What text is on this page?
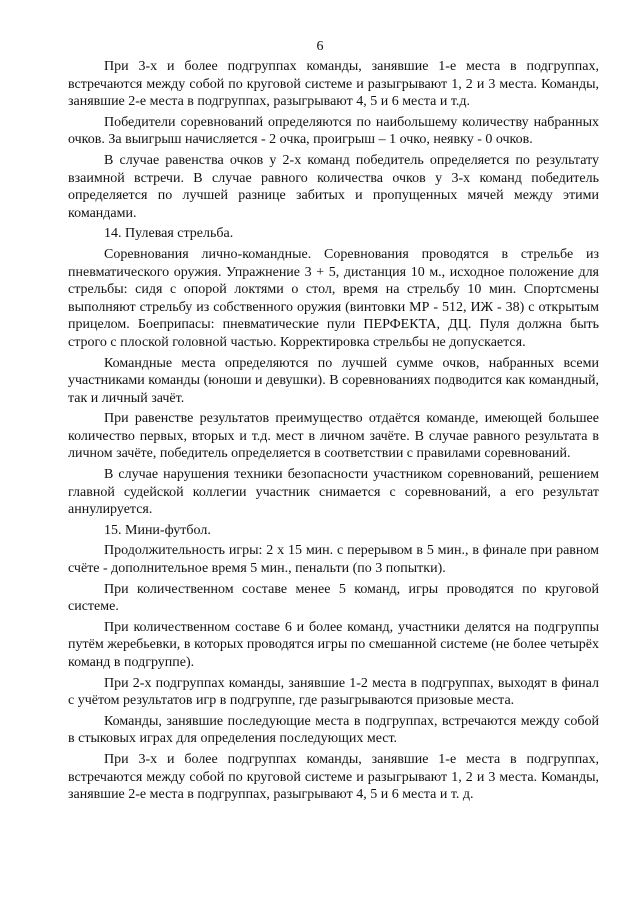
6

При 3-х и более подгруппах команды, занявшие 1-е места в подгруппах, встречаются между собой по круговой системе и разыгрывают 1, 2 и 3 места. Команды, занявшие 2-е места в подгруппах, разыгрывают 4, 5 и 6 места и т.д.

Победители соревнований определяются по наибольшему количеству набранных очков. За выигрыш начисляется - 2 очка, проигрыш – 1 очко, неявку - 0 очков.

В случае равенства очков у 2-х команд победитель определяется по результату взаимной встречи. В случае равного количества очков у 3-х команд победитель определяется по лучшей разнице забитых и пропущенных мячей между этими командами.

14. Пулевая стрельба.

Соревнования лично-командные. Соревнования проводятся в стрельбе из пневматического оружия. Упражнение 3 + 5, дистанция 10 м., исходное положение для стрельбы: сидя с опорой локтями о стол, время на стрельбу 10 мин. Спортсмены выполняют стрельбу из собственного оружия (винтовки МР - 512, ИЖ - 38) с открытым прицелом. Боеприпасы: пневматические пули ПЕРФЕКТА, ДЦ. Пуля должна быть строго с плоской головной частью. Корректировка стрельбы не допускается.

Командные места определяются по лучшей сумме очков, набранных всеми участниками команды (юноши и девушки). В соревнованиях подводится как командный, так и личный зачёт.

При равенстве результатов преимущество отдаётся команде, имеющей большее количество первых, вторых и т.д. мест в личном зачёте. В случае равного результата в личном зачёте, победитель определяется в соответствии с правилами соревнований.

В случае нарушения техники безопасности участником соревнований, решением главной судейской коллегии участник снимается с соревнований, а его результат аннулируется.

15. Мини-футбол.

Продолжительность игры: 2 х 15 мин. с перерывом в 5 мин., в финале при равном счёте - дополнительное время 5 мин., пенальти (по 3 попытки).

При количественном составе менее 5 команд, игры проводятся по круговой системе.

При количественном составе 6 и более команд, участники делятся на подгруппы путём жеребьевки, в которых проводятся игры по смешанной системе (не более четырёх команд в подгруппе).

При 2-х подгруппах команды, занявшие 1-2 места в подгруппах, выходят в финал с учётом результатов игр в подгруппе, где разыгрываются призовые места.

Команды, занявшие последующие места в подгруппах, встречаются между собой в стыковых играх для определения последующих мест.

При 3-х и более подгруппах команды, занявшие 1-е места в подгруппах, встречаются между собой по круговой системе и разыгрывают 1, 2 и 3 места. Команды, занявшие 2-е места в подгруппах, разыгрывают 4, 5 и 6 места и т. д.
